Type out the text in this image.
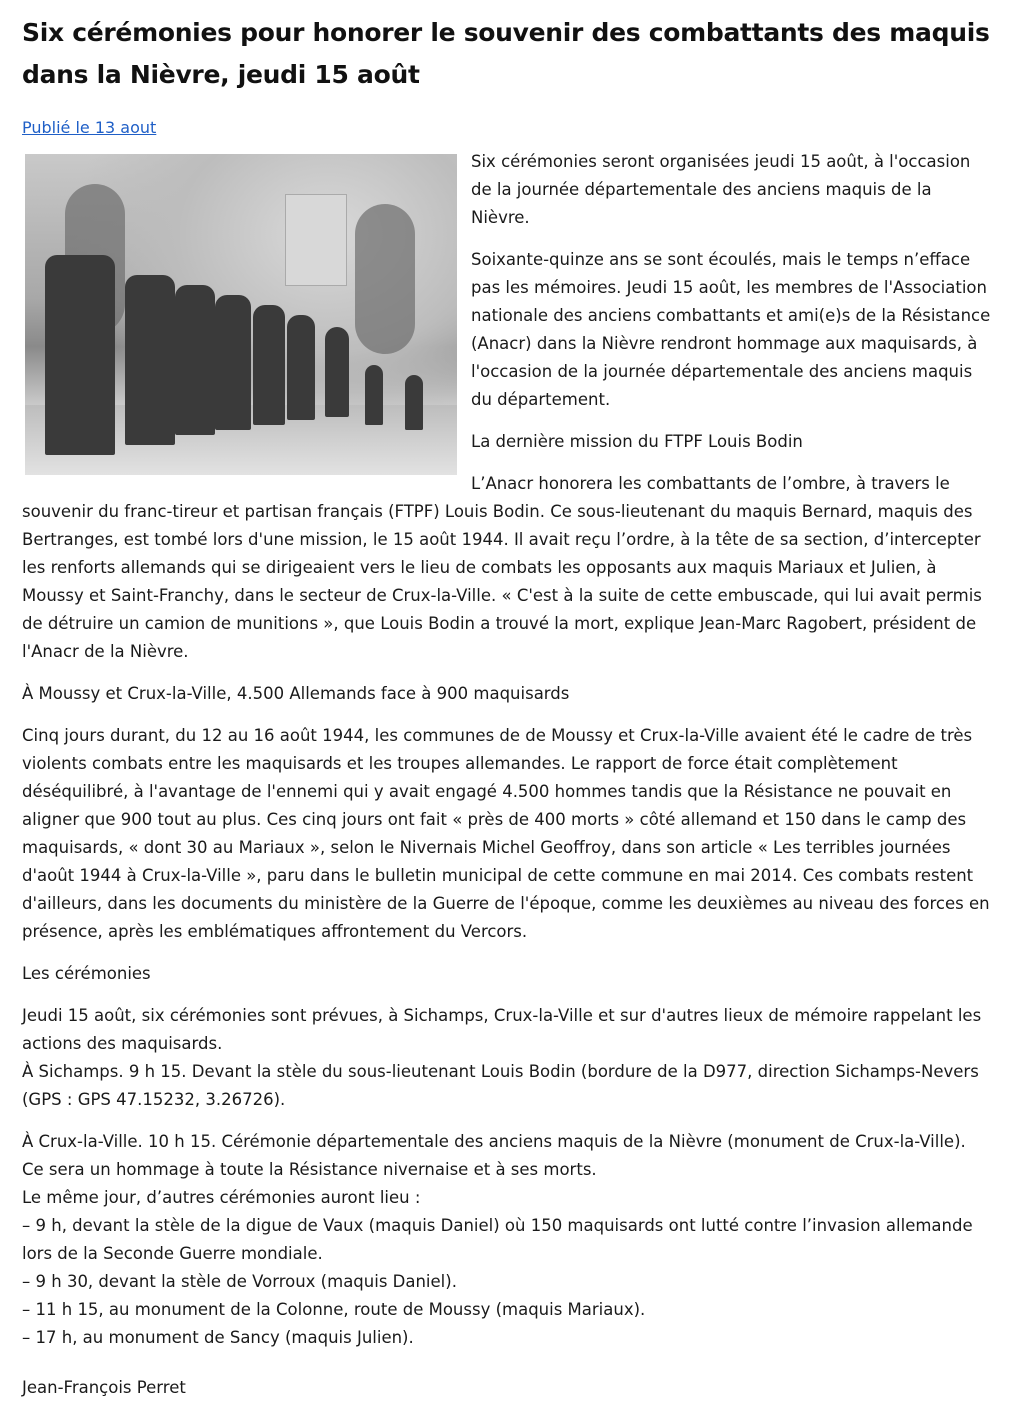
Six cérémonies pour honorer le souvenir des combattants des maquis dans la Nièvre, jeudi 15 août
Publié le 13 aout

Six cérémonies seront organisées jeudi 15 août, à l'occasion de la journée départementale des anciens maquis de la Nièvre.

Soixante-quinze ans se sont écoulés, mais le temps n’efface pas les mémoires. Jeudi 15 août, les membres de l'Association nationale des anciens combattants et ami(e)s de la Résistance (Anacr) dans la Nièvre rendront hommage aux maquisards, à l'occasion de la journée départementale des anciens maquis du département.

La dernière mission du FTPF Louis Bodin

L’Anacr honorera les combattants de l’ombre, à travers le souvenir du franc-tireur et partisan français (FTPF) Louis Bodin. Ce sous-lieutenant du maquis Bernard, maquis des Bertranges, est tombé lors d'une mission, le 15 août 1944. Il avait reçu l’ordre, à la tête de sa section, d’intercepter les renforts allemands qui se dirigeaient vers le lieu de combats les opposants aux maquis Mariaux et Julien, à Moussy et Saint-Franchy, dans le secteur de Crux-la-Ville. « C'est à la suite de cette embuscade, qui lui avait permis de détruire un camion de munitions », que Louis Bodin a trouvé la mort, explique Jean-Marc Ragobert, président de l'Anacr de la Nièvre.

À Moussy et Crux-la-Ville, 4.500 Allemands face à 900 maquisards

Cinq jours durant, du 12 au 16 août 1944, les communes de de Moussy et Crux-la-Ville avaient été le cadre de très violents combats entre les maquisards et les troupes allemandes. Le rapport de force était complètement déséquilibré, à l'avantage de l'ennemi qui y avait engagé 4.500 hommes tandis que la Résistance ne pouvait en aligner que 900 tout au plus. Ces cinq jours ont fait « près de 400 morts » côté allemand et 150 dans le camp des maquisards, « dont 30 au Mariaux », selon le Nivernais Michel Geoffroy, dans son article « Les terribles journées d'août 1944 à Crux-la-Ville », paru dans le bulletin municipal de cette commune en mai 2014. Ces combats restent d'ailleurs, dans les documents du ministère de la Guerre de l'époque, comme les deuxièmes au niveau des forces en présence, après les emblématiques affrontement du Vercors.

Les cérémonies

Jeudi 15 août, six cérémonies sont prévues, à Sichamps, Crux-la-Ville et sur d'autres lieux de mémoire rappelant les actions des maquisards.

À Sichamps. 9 h 15. Devant la stèle du sous-lieutenant Louis Bodin (bordure de la D977, direction Sichamps-Nevers (GPS : GPS 47.15232, 3.26726).

À Crux-la-Ville. 10 h 15. Cérémonie départementale des anciens maquis de la Nièvre (monument de Crux-la-Ville). Ce sera un hommage à toute la Résistance nivernaise et à ses morts.

Le même jour, d’autres cérémonies auront lieu :

– 9 h, devant la stèle de la digue de Vaux (maquis Daniel) où 150 maquisards ont lutté contre l’invasion allemande lors de la Seconde Guerre mondiale.

– 9 h 30, devant la stèle de Vorroux (maquis Daniel).

– 11 h 15, au monument de la Colonne, route de Moussy (maquis Mariaux).

– 17 h, au monument de Sancy (maquis Julien).

Jean-François Perret
